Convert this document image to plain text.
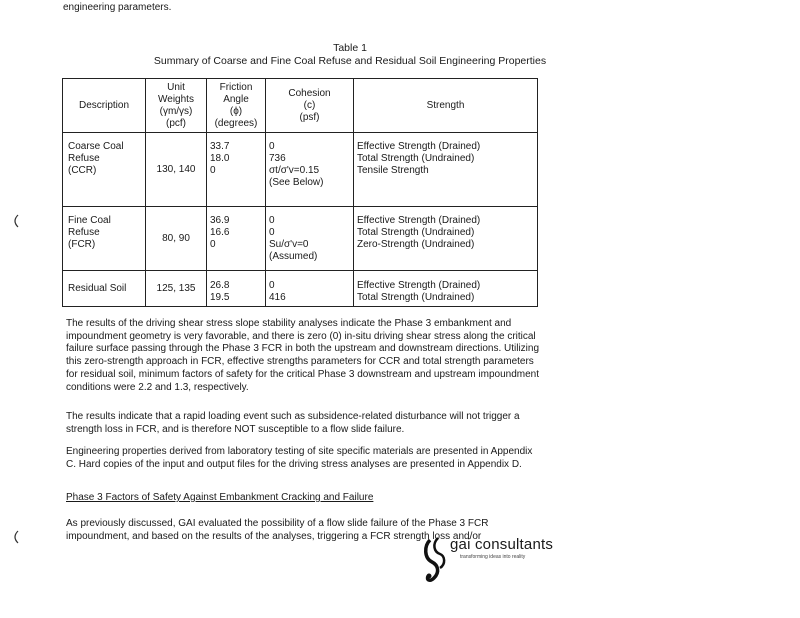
engineering parameters.
Table 1
Summary of Coarse and Fine Coal Refuse and Residual Soil Engineering Properties
Description	Unit
Weights
(γm/γs)
(pcf)	Friction
Angle
(ϕ)
(degrees)	Cohesion
(c)
(psf)	Strength

Coarse Coal
Refuse
(CCR)	130, 140	33.7
18.0
0	0
736
σt/σ'v=0.15
(See Below)	Effective Strength (Drained)
Total Strength (Undrained)
Tensile Strength

Fine Coal
Refuse
(FCR)	80, 90	36.9
16.6
0	0
0
Su/σ'v=0
(Assumed)	Effective Strength (Drained)
Total Strength (Undrained)
Zero-Strength (Undrained)

Residual Soil	125, 135	26.8
19.5	0
416	Effective Strength (Drained)
Total Strength (Undrained)
The results of the driving shear stress slope stability analyses indicate the Phase 3 embankment and impoundment geometry is very favorable, and there is zero (0) in-situ driving shear stress along the critical failure surface passing through the Phase 3 FCR in both the upstream and downstream directions. Utilizing this zero-strength approach in FCR, effective strengths parameters for CCR and total strength parameters for residual soil, minimum factors of safety for the critical Phase 3 downstream and upstream impoundment conditions were 2.2 and 1.3, respectively.
The results indicate that a rapid loading event such as subsidence-related disturbance will not trigger a strength loss in FCR, and is therefore NOT susceptible to a flow slide failure.
Engineering properties derived from laboratory testing of site specific materials are presented in Appendix C. Hard copies of the input and output files for the driving stress analyses are presented in Appendix D.
Phase 3 Factors of Safety Against Embankment Cracking and Failure
As previously discussed, GAI evaluated the possibility of a flow slide failure of the Phase 3 FCR impoundment, and based on the results of the analyses, triggering a FCR strength loss and/or
gai consultants
transforming ideas into reality
